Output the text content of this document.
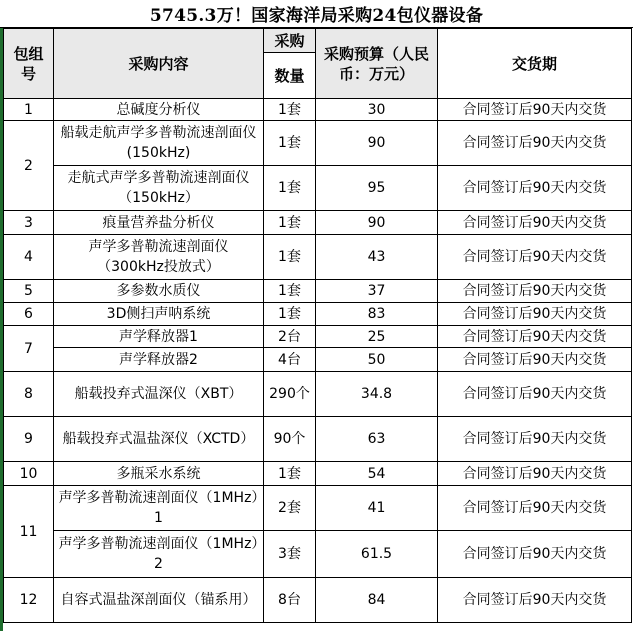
5745.3万！国家海洋局采购24包仪器设备
包组号	采购内容	采购	采购预算（人民币：万元）	交货期
		数量		
1	总碱度分析仪	1套	30	合同签订后90天内交货
2	船载走航声学多普勒流速剖面仪(150kHz)	1套	90	合同签订后90天内交货
	走航式声学多普勒流速剖面仪（150kHz）	1套	95	合同签订后90天内交货
3	痕量营养盐分析仪	1套	90	合同签订后90天内交货
4	声学多普勒流速剖面仪（300kHz投放式）	1套	43	合同签订后90天内交货
5	多参数水质仪	1套	37	合同签订后90天内交货
6	3D侧扫声呐系统	1套	83	合同签订后90天内交货
7	声学释放器1	2台	25	合同签订后90天内交货
	声学释放器2	4台	50	合同签订后90天内交货
8	船载投弃式温深仪（XBT）	290个	34.8	合同签订后90天内交货
9	船载投弃式温盐深仪（XCTD）	90个	63	合同签订后90天内交货
10	多瓶采水系统	1套	54	合同签订后90天内交货
11	声学多普勒流速剖面仪（1MHz）1	2套	41	合同签订后90天内交货
	声学多普勒流速剖面仪（1MHz）2	3套	61.5	合同签订后90天内交货
12	自容式温盐深剖面仪（锚系用）	8台	84	合同签订后90天内交货
